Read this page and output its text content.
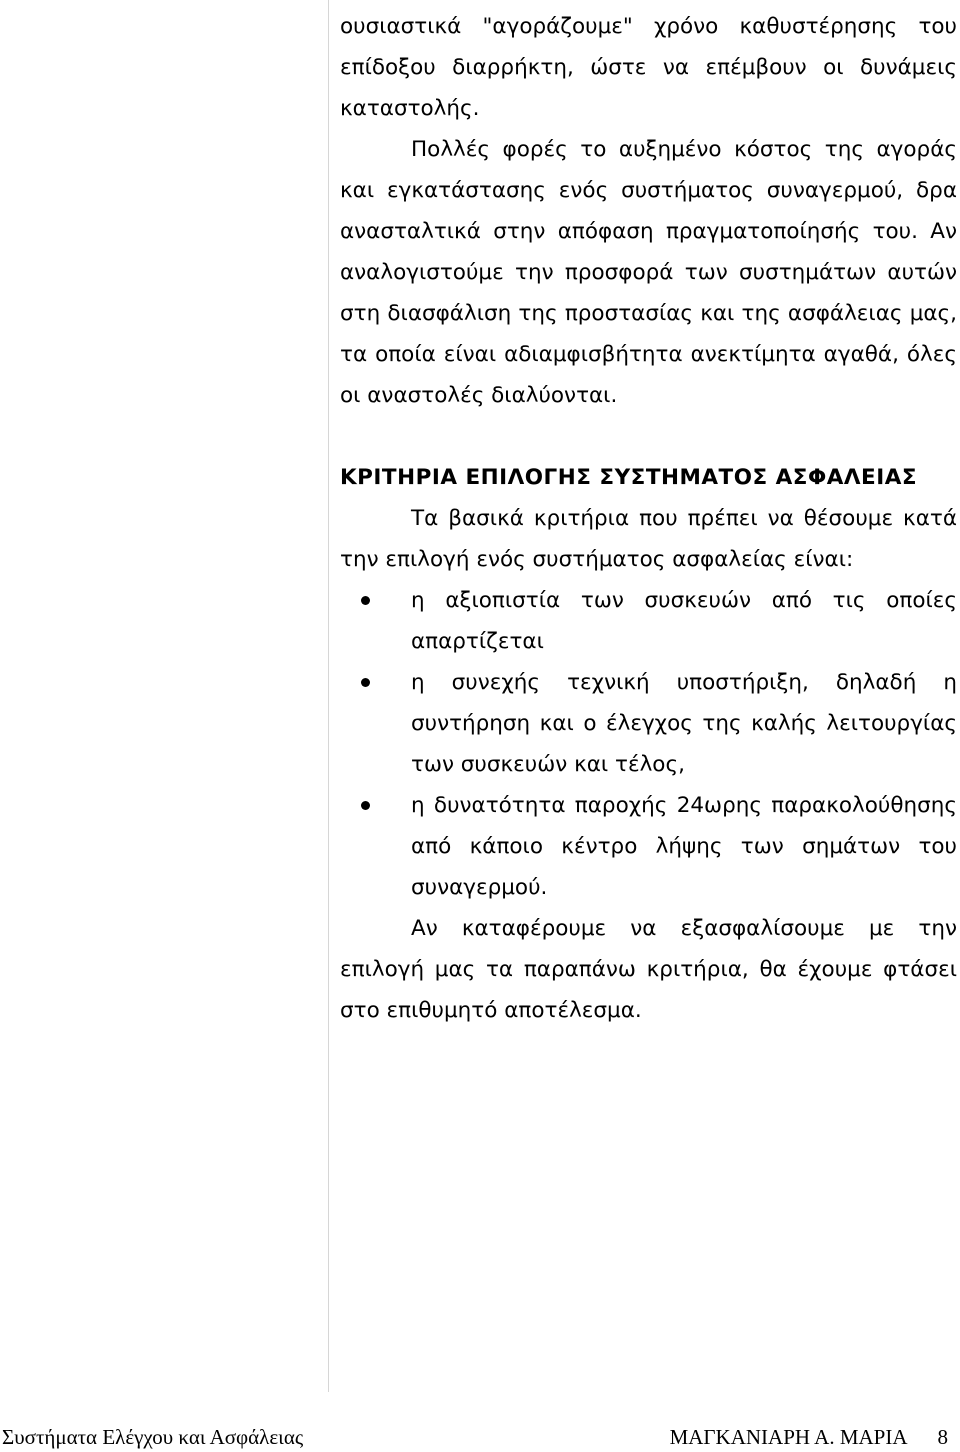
ουσιαστικά "αγοράζουμε" χρόνο καθυστέρησης του επίδοξου διαρρήκτη, ώστε να επέμβουν οι δυνάμεις καταστολής.

Πολλές φορές το αυξημένο κόστος της αγοράς και εγκατάστασης ενός συστήματος συναγερμού, δρα ανασταλτικά στην απόφαση πραγματοποίησής του. Αν αναλογιστούμε την προσφορά των συστημάτων αυτών στη διασφάλιση της προστασίας και της ασφάλειας μας, τα οποία είναι αδιαμφισβήτητα ανεκτίμητα αγαθά, όλες οι αναστολές διαλύονται.

ΚΡΙΤΗΡΙΑ ΕΠΙΛΟΓΗΣ ΣΥΣΤΗΜΑΤΟΣ ΑΣΦΑΛΕΙΑΣ

Τα βασικά κριτήρια που πρέπει να θέσουμε κατά την επιλογή ενός συστήματος ασφαλείας είναι:

η αξιοπιστία των συσκευών από τις οποίες απαρτίζεται
η συνεχής τεχνική υποστήριξη, δηλαδή η συντήρηση και ο έλεγχος της καλής λειτουργίας των συσκευών και τέλος,
η δυνατότητα παροχής 24ωρης παρακολούθησης από κάποιο κέντρο λήψης των σημάτων του συναγερμού.

Αν καταφέρουμε να εξασφαλίσουμε με την επιλογή μας τα παραπάνω κριτήρια, θα έχουμε φτάσει στο επιθυμητό αποτέλεσμα.

Συστήματα Ελέγχου και Ασφάλειας	ΜΑΓΚΑΝΙΑΡΗ Α. ΜΑΡΙΑ 8
